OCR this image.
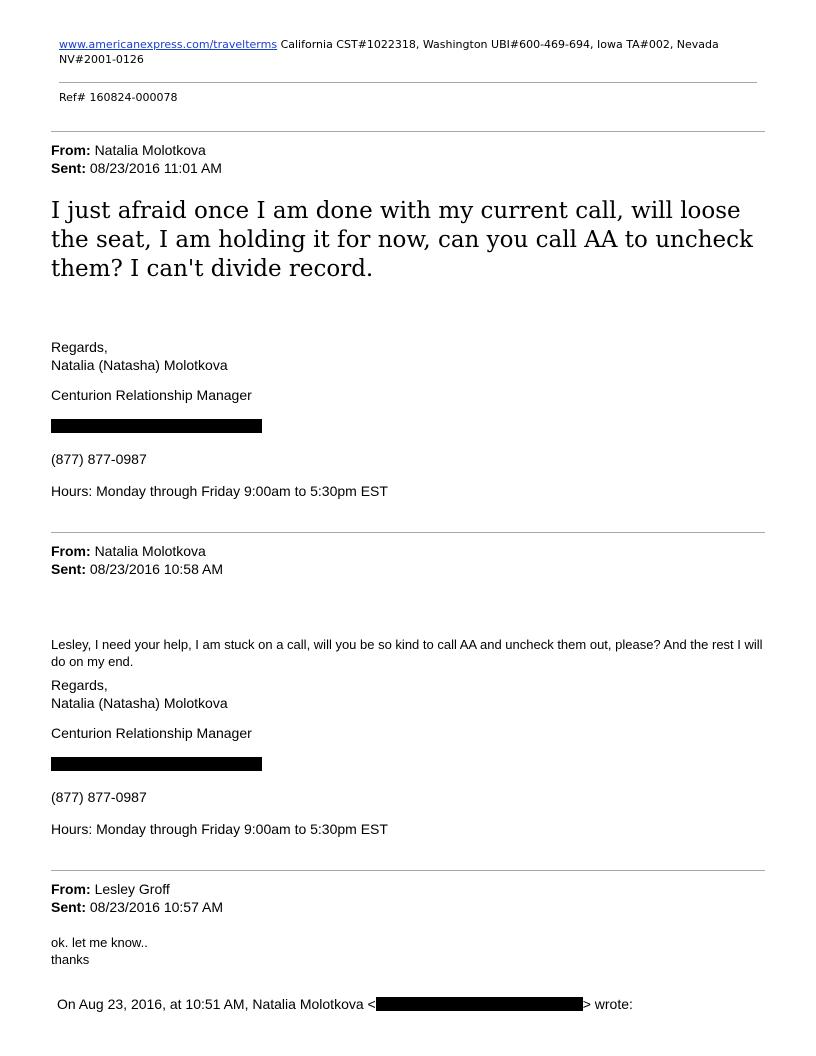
www.americanexpress.com/travelterms California CST#1022318, Washington UBI#600-469-694, Iowa TA#002, Nevada NV#2001-0126
Ref# 160824-000078
From: Natalia Molotkova
Sent: 08/23/2016 11:01 AM
I just afraid once I am done with my current call, will loose the seat, I am holding it for now, can you call AA to uncheck them? I can't divide record.
Regards,
Natalia (Natasha) Molotkova
Centurion Relationship Manager
(877) 877-0987
Hours: Monday through Friday 9:00am to 5:30pm EST
From: Natalia Molotkova
Sent: 08/23/2016 10:58 AM
Lesley, I need your help, I am stuck on a call, will you be so kind to call AA and uncheck them out, please? And the rest I will do on my end.
Regards,
Natalia (Natasha) Molotkova
Centurion Relationship Manager
(877) 877-0987
Hours: Monday through Friday 9:00am to 5:30pm EST
From: Lesley Groff
Sent: 08/23/2016 10:57 AM
ok. let me know..
thanks
On Aug 23, 2016, at 10:51 AM, Natalia Molotkova <	> wrote:
